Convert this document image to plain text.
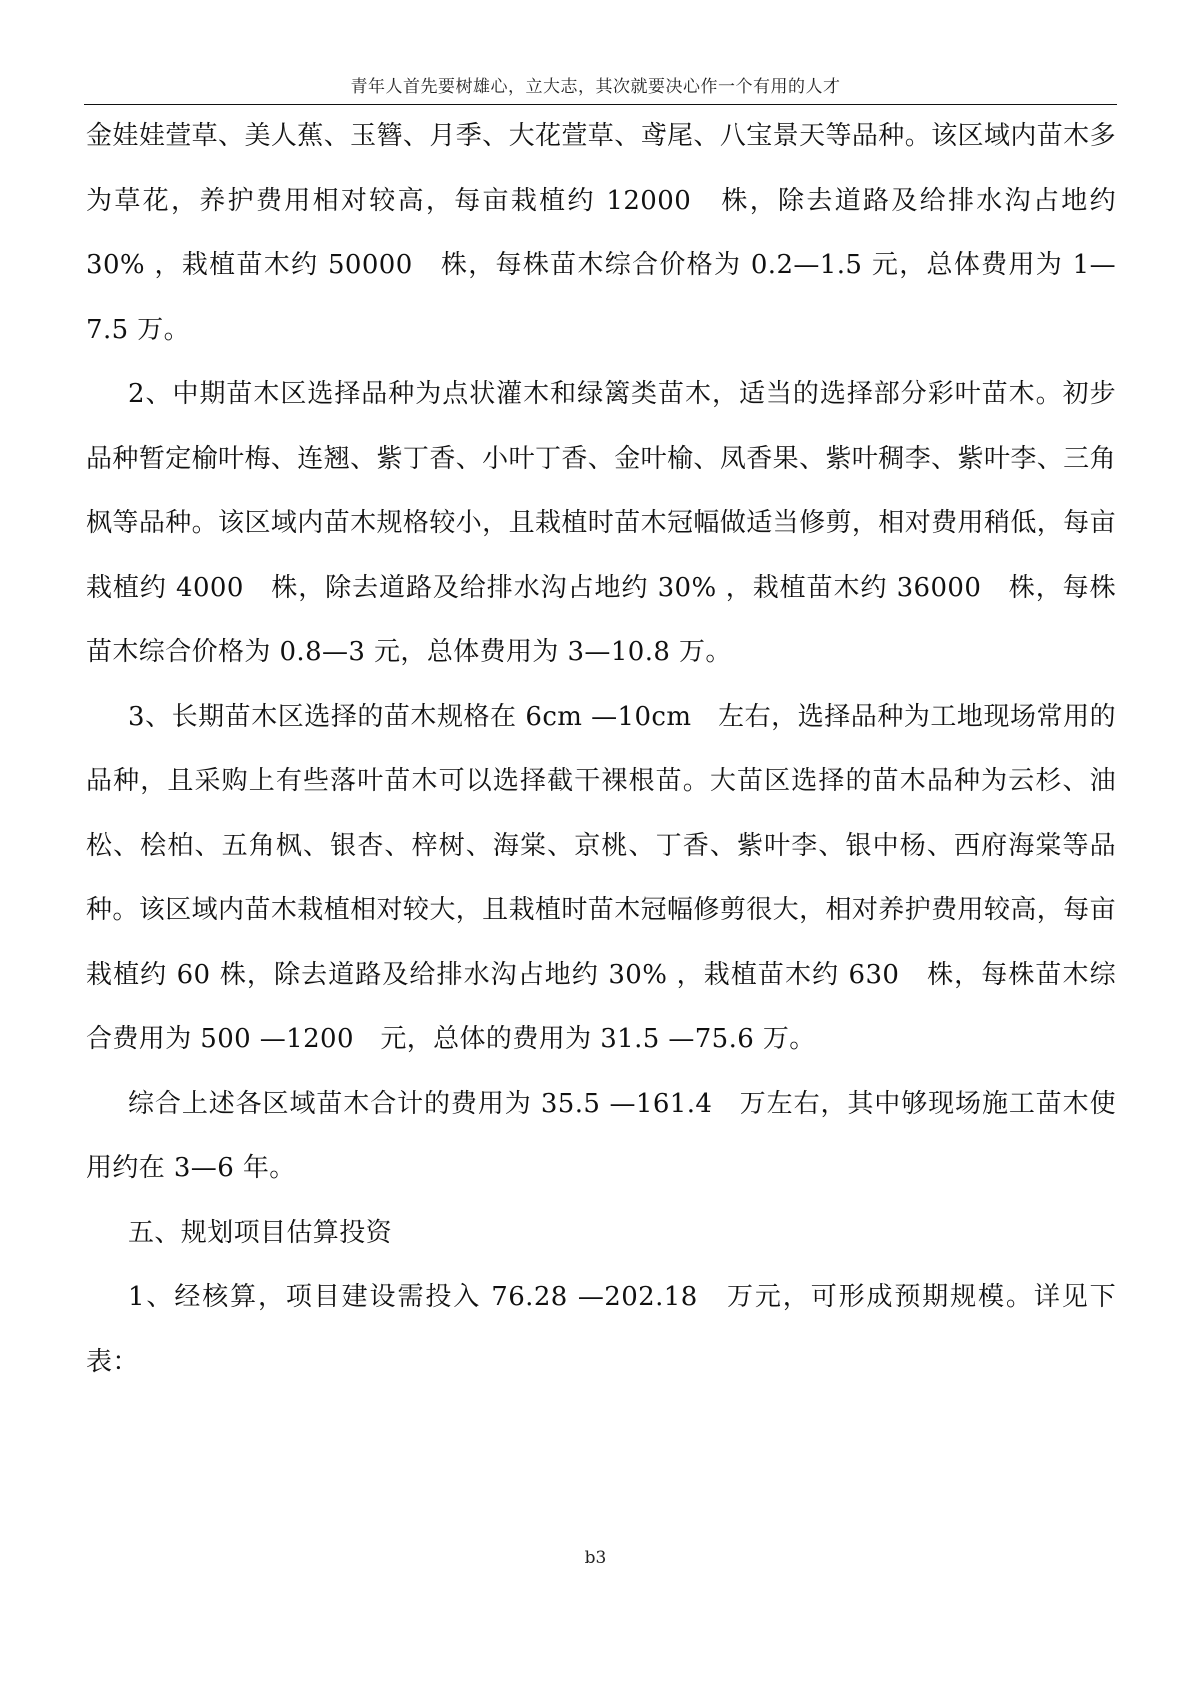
青年人首先要树雄心，立大志，其次就要决心作一个有用的人才

金娃娃萱草、美人蕉、玉簪、月季、大花萱草、鸢尾、八宝景天等品种。该区域内苗木多为草花，养护费用相对较高，每亩栽植约 12000　株，除去道路及给排水沟占地约 30% ，栽植苗木约 50000　株，每株苗木综合价格为 0.2—1.5 元，总体费用为 1—7.5 万。

2、中期苗木区选择品种为点状灌木和绿篱类苗木，适当的选择部分彩叶苗木。初步品种暂定榆叶梅、连翘、紫丁香、小叶丁香、金叶榆、凤香果、紫叶稠李、紫叶李、三角枫等品种。该区域内苗木规格较小，且栽植时苗木冠幅做适当修剪，相对费用稍低，每亩栽植约 4000　株，除去道路及给排水沟占地约 30% ，栽植苗木约 36000　株，每株苗木综合价格为 0.8—3 元，总体费用为 3—10.8 万。

3、长期苗木区选择的苗木规格在 6cm —10cm　左右，选择品种为工地现场常用的品种，且采购上有些落叶苗木可以选择截干裸根苗。大苗区选择的苗木品种为云杉、油松、桧柏、五角枫、银杏、梓树、海棠、京桃、丁香、紫叶李、银中杨、西府海棠等品种。该区域内苗木栽植相对较大，且栽植时苗木冠幅修剪很大，相对养护费用较高，每亩栽植约 60 株，除去道路及给排水沟占地约 30% ，栽植苗木约 630　株，每株苗木综合费用为 500 —1200　元，总体的费用为 31.5 —75.6 万。

综合上述各区域苗木合计的费用为 35.5 —161.4　万左右，其中够现场施工苗木使用约在 3—6 年。

五、规划项目估算投资

1、经核算，项目建设需投入 76.28 —202.18　万元，可形成预期规模。详见下表：

b3
